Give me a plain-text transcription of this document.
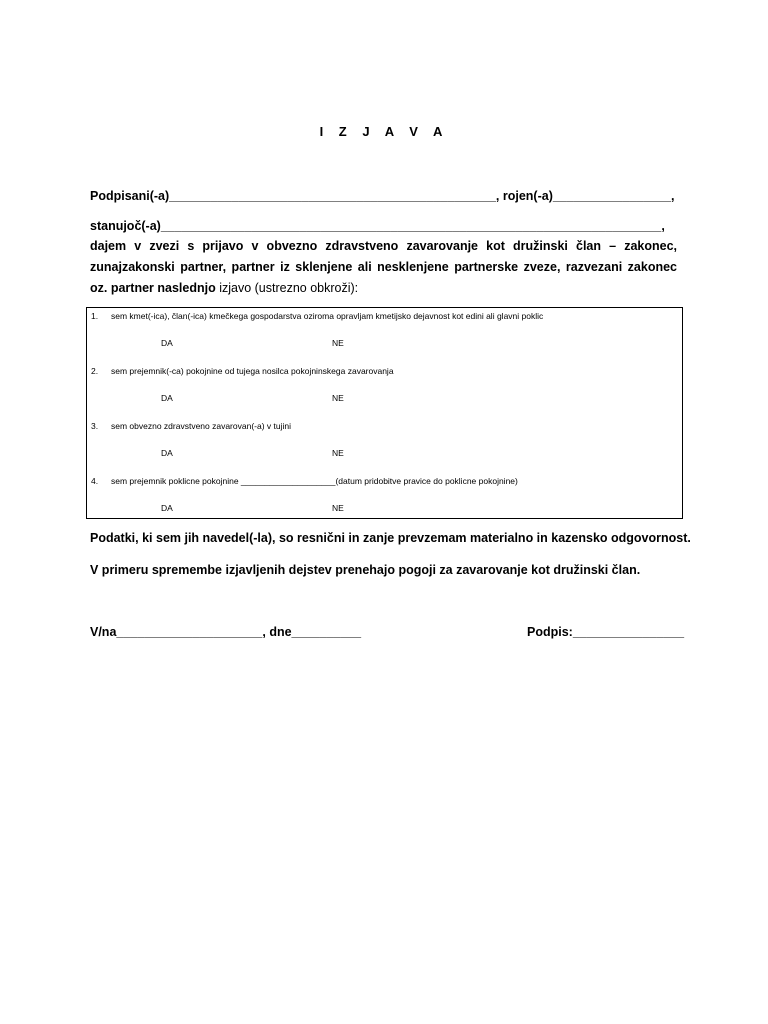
I Z J A V A
Podpisani(-a)_______________________________________________, rojen(-a)_________________,
stanujoč(-a)________________________________________________________________________,
dajem v zvezi s prijavo v obvezno zdravstveno zavarovanje kot družinski član – zakonec, zunajzakonski partner, partner iz sklenjene ali nesklenjene partnerske zveze, razvezani zakonec oz. partner naslednjo izjavo (ustrezno obkroži):
1. sem kmet(-ica), član(-ica) kmečkega gospodarstva oziroma opravljam kmetijsko dejavnost kot edini ali glavni poklic
DA	NE
2. sem prejemnik(-ca) pokojnine od tujega nosilca pokojninskega zavarovanja
DA	NE
3. sem obvezno zdravstveno zavarovan(-a) v tujini
DA	NE
4. sem prejemnik poklicne pokojnine ____________________(datum pridobitve pravice do poklicne pokojnine)
DA	NE
Podatki, ki sem jih navedel(-la), so resnični in zanje prevzemam materialno in kazensko odgovornost.
V primeru spremembe izjavljenih dejstev prenehajo pogoji za zavarovanje kot družinski član.
V/na_____________________, dne__________	Podpis:________________
